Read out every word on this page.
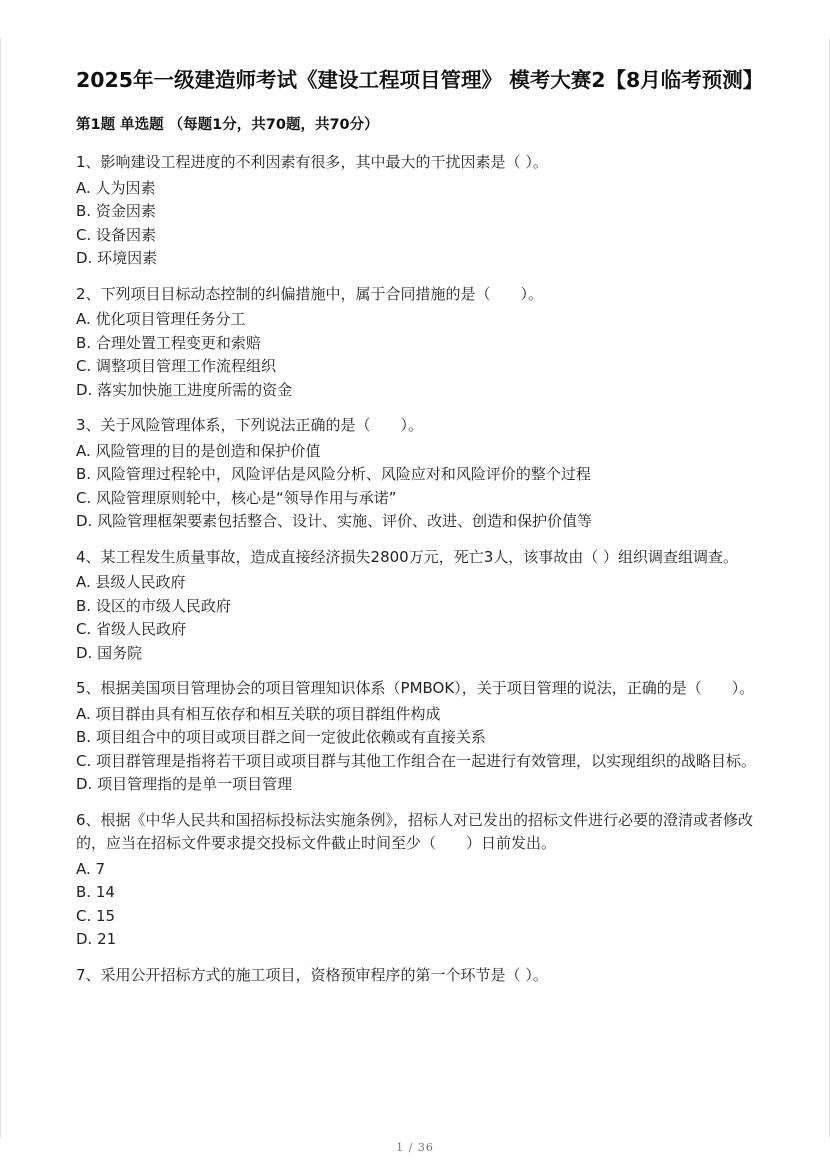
2025年一级建造师考试《建设工程项目管理》 模考大赛2【8月临考预测】
第1题 单选题 （每题1分，共70题，共70分）
1、影响建设工程进度的不利因素有很多，其中最大的干扰因素是（ ）。
A. 人为因素
B. 资金因素
C. 设备因素
D. 环境因素
2、下列项目目标动态控制的纠偏措施中，属于合同措施的是（　　）。
A. 优化项目管理任务分工
B. 合理处置工程变更和索赔
C. 调整项目管理工作流程组织
D. 落实加快施工进度所需的资金
3、关于风险管理体系，下列说法正确的是（　　）。
A. 风险管理的目的是创造和保护价值
B. 风险管理过程轮中，风险评估是风险分析、风险应对和风险评价的整个过程
C. 风险管理原则轮中，核心是“领导作用与承诺”
D. 风险管理框架要素包括整合、设计、实施、评价、改进、创造和保护价值等
4、某工程发生质量事故，造成直接经济损失2800万元，死亡3人，该事故由（ ）组织调查组调查。
A. 县级人民政府
B. 设区的市级人民政府
C. 省级人民政府
D. 国务院
5、根据美国项目管理协会的项目管理知识体系（PMBOK），关于项目管理的说法，正确的是（　　）。
A. 项目群由具有相互依存和相互关联的项目群组件构成
B. 项目组合中的项目或项目群之间一定彼此依赖或有直接关系
C. 项目群管理是指将若干项目或项目群与其他工作组合在一起进行有效管理，以实现组织的战略目标。
D. 项目管理指的是单一项目管理
6、根据《中华人民共和国招标投标法实施条例》，招标人对已发出的招标文件进行必要的澄清或者修改的，应当在招标文件要求提交投标文件截止时间至少（　　）日前发出。
A. 7
B. 14
C. 15
D. 21
7、采用公开招标方式的施工项目，资格预审程序的第一个环节是（ ）。
1 / 36
